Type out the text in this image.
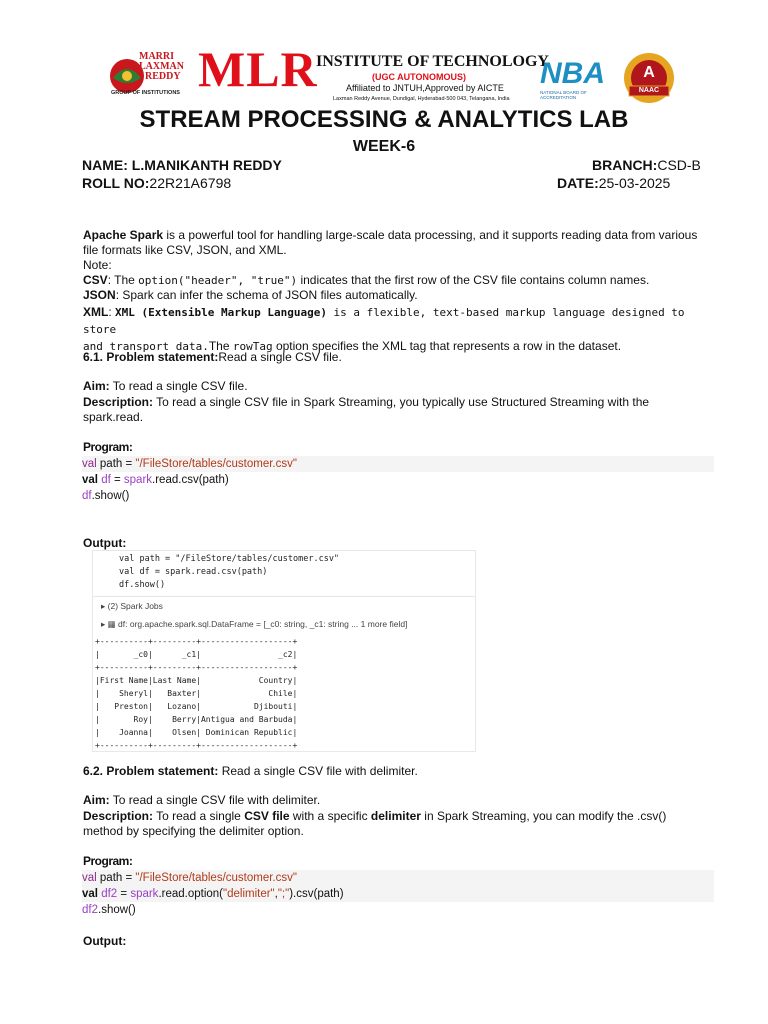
MARRI
LAXMAN
REDDY
GROUP OF INSTITUTIONS MLR
INSTITUTE OF TECHNOLOGY
(UGC AUTONOMOUS)
Affiliated to JNTUH,Approved by AICTE
Laxman Reddy Avenue, Dundigal, Hyderabad-500 043, Telangana, India
NBA
NATIONAL BOARD OF ACCREDITATION
A
NAAC
STREAM PROCESSING & ANALYTICS LAB
WEEK-6
NAME: L.MANIKANTH REDDY	BRANCH:CSD-B
ROLL NO:22R21A6798	DATE:25-03-2025
Apache Spark is a powerful tool for handling large-scale data processing, and it supports reading data from various file formats like CSV, JSON, and XML.
Note:
CSV: The option("header", "true") indicates that the first row of the CSV file contains column names.
JSON: Spark can infer the schema of JSON files automatically.
XML: XML (Extensible Markup Language) is a flexible, text-based markup language designed to store
and transport data.The rowTag option specifies the XML tag that represents a row in the dataset.
6.1. Problem statement:Read a single CSV file.
Aim: To read a single CSV file.
Description: To read a single CSV file in Spark Streaming, you typically use Structured Streaming with the spark.read.
Program:
val path = "/FileStore/tables/customer.csv"
val df = spark.read.csv(path)
df.show()
Output:
val path = "/FileStore/tables/customer.csv"
val df = spark.read.csv(path)
df.show()
▸ (2) Spark Jobs
▸ ▦ df: org.apache.spark.sql.DataFrame = [_c0: string, _c1: string ... 1 more field]
+----------+---------+-------------------+
|       _c0|      _c1|                _c2|
+----------+---------+-------------------+
|First Name|Last Name|            Country|
|    Sheryl|   Baxter|              Chile|
|   Preston|   Lozano|           Djibouti|
|       Roy|    Berry|Antigua and Barbuda|
|    Joanna|    Olsen| Dominican Republic|
+----------+---------+-------------------+
6.2. Problem statement: Read a single CSV file with delimiter.
Aim: To read a single CSV file with delimiter.
Description: To read a single CSV file with a specific delimiter in Spark Streaming, you can modify the .csv() method by specifying the delimiter option.
Program:
val path = "/FileStore/tables/customer.csv"
val df2 = spark.read.option("delimiter",";").csv(path)
df2.show()
Output:
